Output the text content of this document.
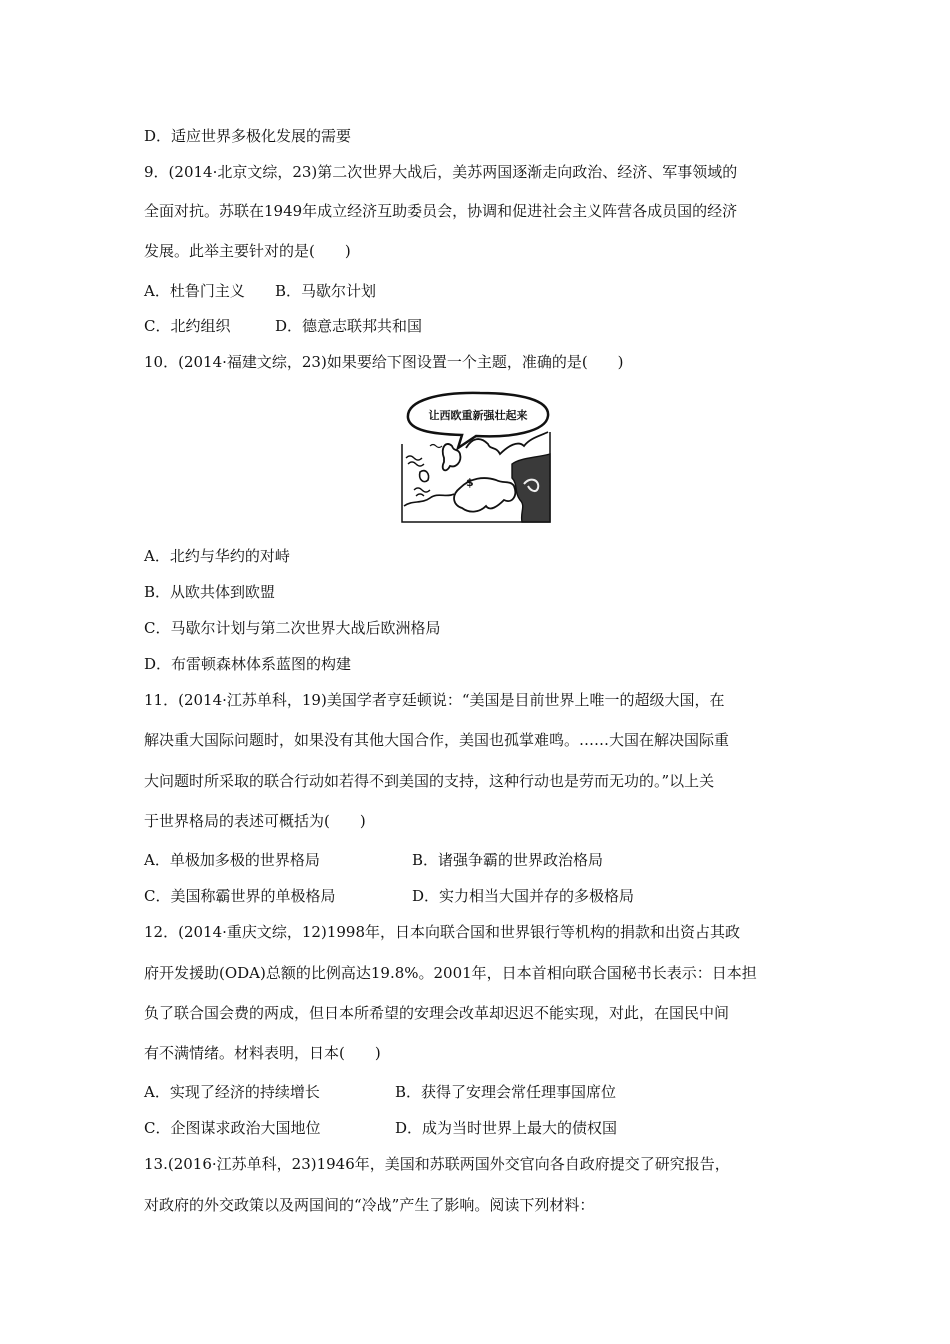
D．适应世界多极化发展的需要
9．(2014·北京文综，23)第二次世界大战后，美苏两国逐渐走向政治、经济、军事领域的
全面对抗。苏联在1949年成立经济互助委员会，协调和促进社会主义阵营各成员国的经济
发展。此举主要针对的是(　　)
A．杜鲁门主义 B．马歇尔计划
C．北约组织	D．德意志联邦共和国
10．(2014·福建文综，23)如果要给下图设置一个主题，准确的是(　　)
让西欧重新强壮起来
$
A．北约与华约的对峙
B．从欧共体到欧盟
C．马歇尔计划与第二次世界大战后欧洲格局
D．布雷顿森林体系蓝图的构建
11．(2014·江苏单科，19)美国学者亨廷顿说：“美国是目前世界上唯一的超级大国，在
解决重大国际问题时，如果没有其他大国合作，美国也孤掌难鸣。……大国在解决国际重
大问题时所采取的联合行动如若得不到美国的支持，这种行动也是劳而无功的。”以上关
于世界格局的表述可概括为(　　)
A．单极加多极的世界格局	B．诸强争霸的世界政治格局
C．美国称霸世界的单极格局	D．实力相当大国并存的多极格局
12．(2014·重庆文综，12)1998年，日本向联合国和世界银行等机构的捐款和出资占其政
府开发援助(ODA)总额的比例高达19.8%。2001年，日本首相向联合国秘书长表示：日本担
负了联合国会费的两成，但日本所希望的安理会改革却迟迟不能实现，对此，在国民中间
有不满情绪。材料表明，日本(　　)
A．实现了经济的持续增长	B．获得了安理会常任理事国席位
C．企图谋求政治大国地位	D．成为当时世界上最大的债权国
13.(2016·江苏单科，23)1946年，美国和苏联两国外交官向各自政府提交了研究报告，
对政府的外交政策以及两国间的“冷战”产生了影响。阅读下列材料：
